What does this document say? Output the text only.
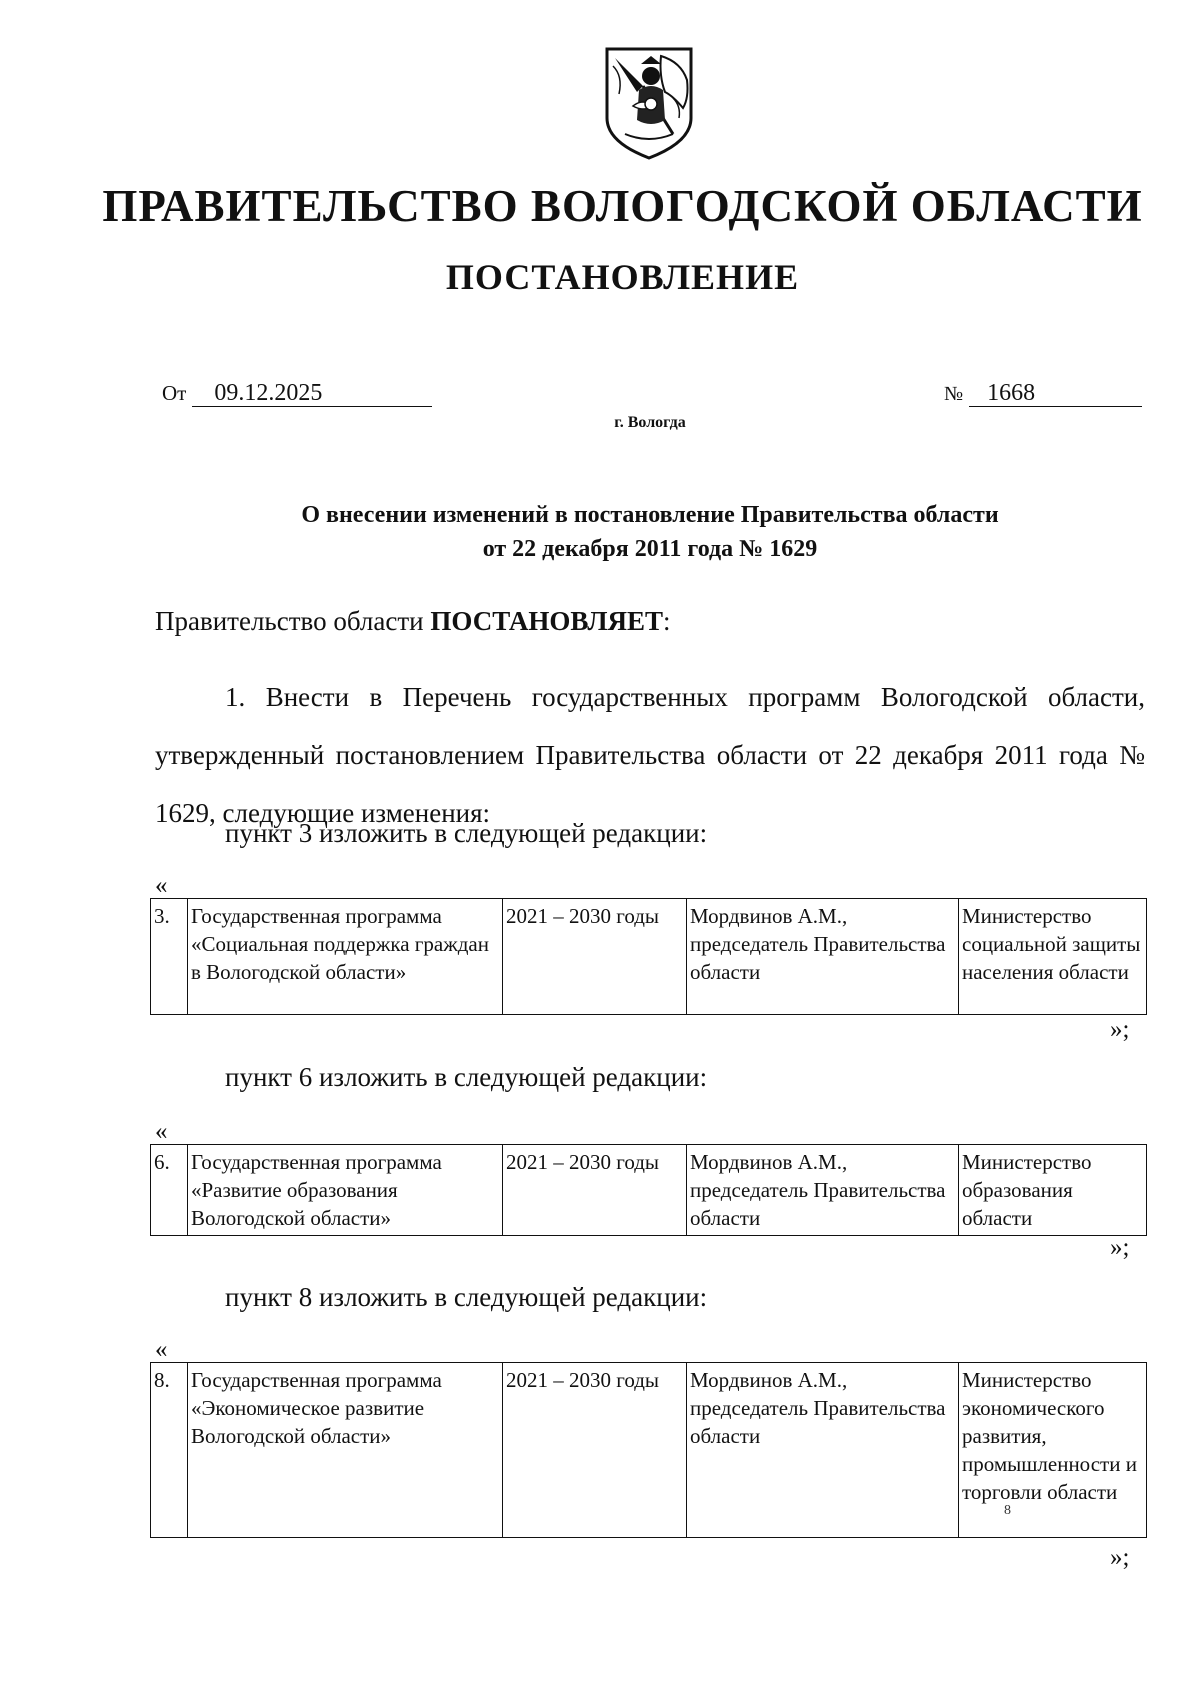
ПРАВИТЕЛЬСТВО ВОЛОГОДСКОЙ ОБЛАСТИ
ПОСТАНОВЛЕНИЕ
От 09.12.2025	№ 1668
г. Вологда
О внесении изменений в постановление Правительства области
от 22 декабря 2011 года № 1629
Правительство области ПОСТАНОВЛЯЕТ:
1. Внести в Перечень государственных программ Вологодской области, утвержденный постановлением Правительства области от 22 декабря 2011 года № 1629, следующие изменения:
пункт 3 изложить в следующей редакции:
«
3.	Государственная программа «Социальная поддержка граждан в Вологодской области»	2021 – 2030 годы	Мордвинов А.М., председатель Правительства области	Министерство социальной защиты населения области
»;
пункт 6 изложить в следующей редакции:
«
6.	Государственная программа «Развитие образования Вологодской области»	2021 – 2030 годы	Мордвинов А.М., председатель Правительства области	Министерство образования области
»;
пункт 8 изложить в следующей редакции:
«
8.	Государственная программа «Экономическое развитие Вологодской области»	2021 – 2030 годы	Мордвинов А.М., председатель Правительства области	Министерство экономического развития, промышленности и торговли области
8
»;
